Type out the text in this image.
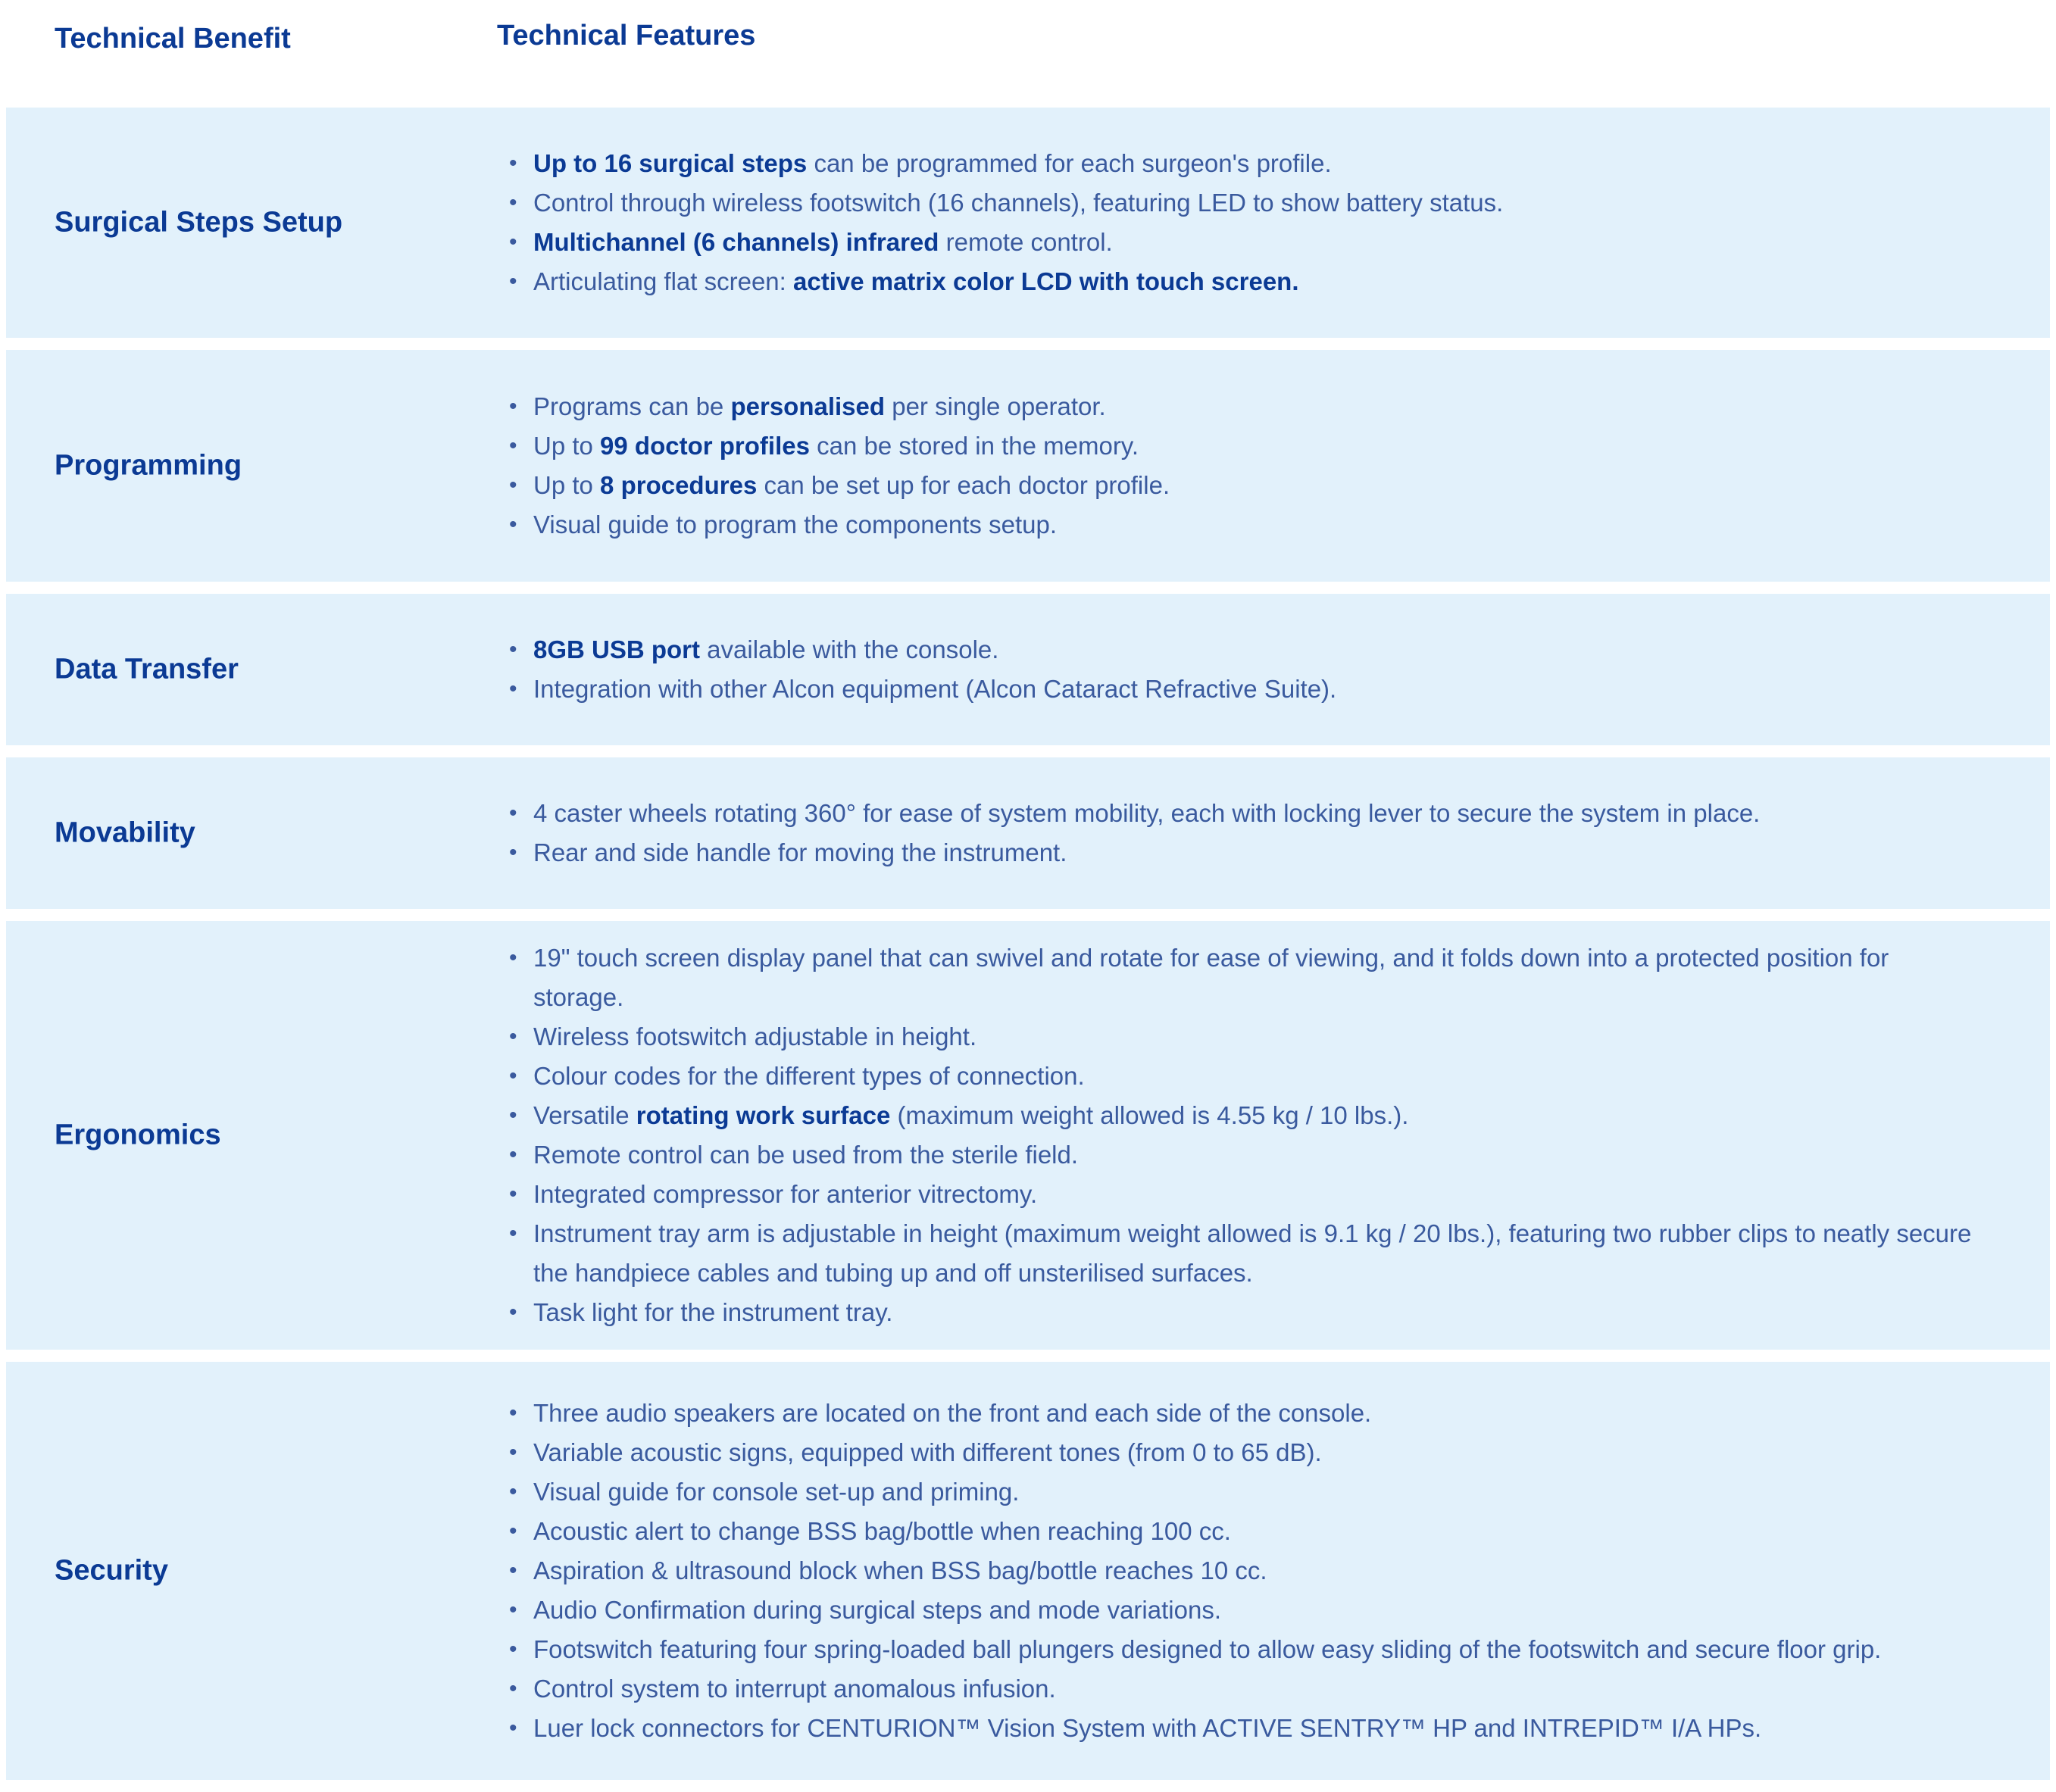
Technical Benefit	Technical Features
Surgical Steps Setup
• Up to 16 surgical steps can be programmed for each surgeon's profile.
• Control through wireless footswitch (16 channels), featuring LED to show battery status.
• Multichannel (6 channels) infrared remote control.
• Articulating flat screen: active matrix color LCD with touch screen.
Programming
• Programs can be personalised per single operator.
• Up to 99 doctor profiles can be stored in the memory.
• Up to 8 procedures can be set up for each doctor profile.
• Visual guide to program the components setup.
Data Transfer
• 8GB USB port available with the console.
• Integration with other Alcon equipment (Alcon Cataract Refractive Suite).
Movability
• 4 caster wheels rotating 360° for ease of system mobility, each with locking lever to secure the system in place.
• Rear and side handle for moving the instrument.
Ergonomics
• 19" touch screen display panel that can swivel and rotate for ease of viewing, and it folds down into a protected position for storage.
• Wireless footswitch adjustable in height.
• Colour codes for the different types of connection.
• Versatile rotating work surface (maximum weight allowed is 4.55 kg / 10 lbs.).
• Remote control can be used from the sterile field.
• Integrated compressor for anterior vitrectomy.
• Instrument tray arm is adjustable in height (maximum weight allowed is 9.1 kg / 20 lbs.), featuring two rubber clips to neatly secure the handpiece cables and tubing up and off unsterilised surfaces.
• Task light for the instrument tray.
Security
• Three audio speakers are located on the front and each side of the console.
• Variable acoustic signs, equipped with different tones (from 0 to 65 dB).
• Visual guide for console set-up and priming.
• Acoustic alert to change BSS bag/bottle when reaching 100 cc.
• Aspiration & ultrasound block when BSS bag/bottle reaches 10 cc.
• Audio Confirmation during surgical steps and mode variations.
• Footswitch featuring four spring-loaded ball plungers designed to allow easy sliding of the footswitch and secure floor grip.
• Control system to interrupt anomalous infusion.
• Luer lock connectors for CENTURION™ Vision System with ACTIVE SENTRY™ HP and INTREPID™ I/A HPs.
